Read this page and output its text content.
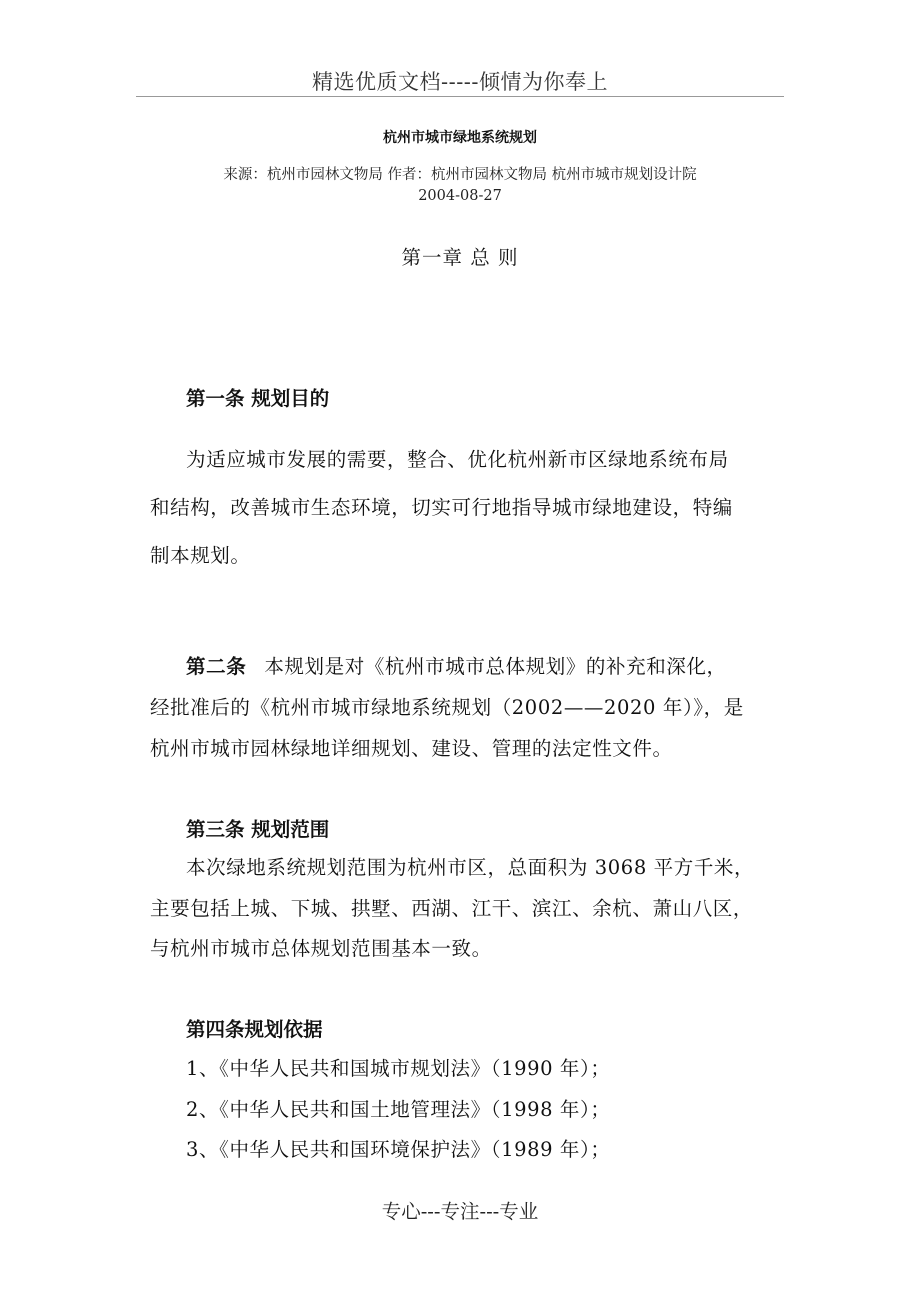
精选优质文档-----倾情为你奉上
杭州市城市绿地系统规划
来源：杭州市园林文物局 作者：杭州市园林文物局 杭州市城市规划设计院
2004-08-27
第一章 总 则
第一条 规划目的
为适应城市发展的需要，整合、优化杭州新市区绿地系统布局
和结构，改善城市生态环境，切实可行地指导城市绿地建设，特编
制本规划。
第二条 本规划是对《杭州市城市总体规划》的补充和深化，
经批准后的《杭州市城市绿地系统规划（2002——2020 年）》，是
杭州市城市园林绿地详细规划、建设、管理的法定性文件。
第三条 规划范围
本次绿地系统规划范围为杭州市区，总面积为 3068 平方千米，
主要包括上城、下城、拱墅、西湖、江干、滨江、余杭、萧山八区，
与杭州市城市总体规划范围基本一致。
第四条规划依据
1、《中华人民共和国城市规划法》（1990 年）；
2、《中华人民共和国土地管理法》（1998 年）；
3、《中华人民共和国环境保护法》（1989 年）；
专心---专注---专业
